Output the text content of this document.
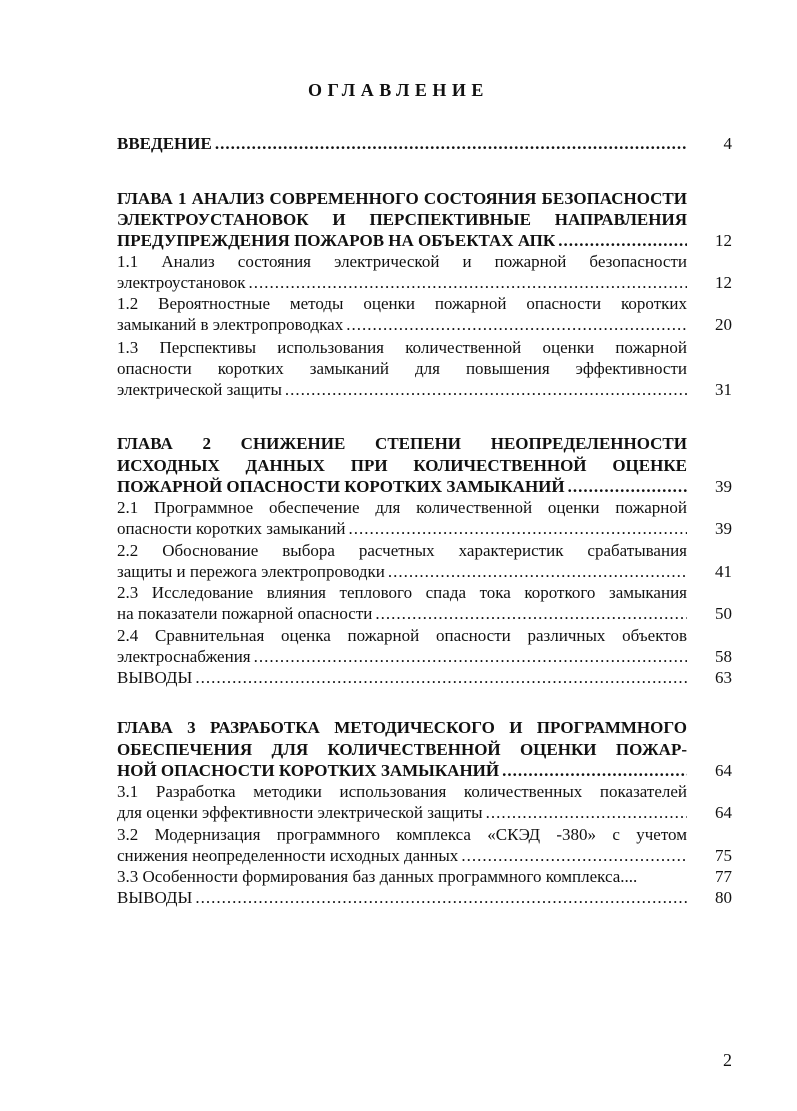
ОГЛАВЛЕНИЕ
ВВЕДЕНИЕ .....	4
ГЛАВА 1 АНАЛИЗ СОВРЕМЕННОГО СОСТОЯНИЯ БЕЗОПАСНОСТИ
ЭЛЕКТРОУСТАНОВОК И ПЕРСПЕКТИВНЫЕ НАПРАВЛЕНИЯ
ПРЕДУПРЕЖДЕНИЯ ПОЖАРОВ НА ОБЪЕКТАХ АПК .....	12
1.1 Анализ состояния электрической и пожарной безопасности
электроустановок .....	12
1.2 Вероятностные методы оценки пожарной опасности коротких
замыканий в электропроводках .....	20
1.3 Перспективы использования количественной оценки пожарной
опасности коротких замыканий для повышения эффективности
электрической защиты .....	31
ГЛАВА 2 СНИЖЕНИЕ СТЕПЕНИ НЕОПРЕДЕЛЕННОСТИ
ИСХОДНЫХ ДАННЫХ ПРИ КОЛИЧЕСТВЕННОЙ ОЦЕНКЕ
ПОЖАРНОЙ ОПАСНОСТИ КОРОТКИХ ЗАМЫКАНИЙ .....	39
2.1 Программное обеспечение для количественной оценки пожарной
опасности коротких замыканий .....	39
2.2 Обоснование выбора расчетных характеристик срабатывания
защиты и пережога электропроводки .....	41
2.3 Исследование влияния теплового спада тока короткого замыкания
на показатели пожарной опасности .....	50
2.4 Сравнительная оценка пожарной опасности различных объектов
электроснабжения .....	58
ВЫВОДЫ .....	63
ГЛАВА 3 РАЗРАБОТКА МЕТОДИЧЕСКОГО И ПРОГРАММНОГО
ОБЕСПЕЧЕНИЯ ДЛЯ КОЛИЧЕСТВЕННОЙ ОЦЕНКИ ПОЖАР-
НОЙ ОПАСНОСТИ КОРОТКИХ ЗАМЫКАНИЙ .....	64
3.1 Разработка методики использования количественных показателей
для оценки эффективности электрической защиты .....	64
3.2 Модернизация программного комплекса «СКЭД -380» с учетом
снижения неопределенности исходных данных .....	75
3.3 Особенности формирования баз данных программного комплекса....	77
ВЫВОДЫ .....	80
2
